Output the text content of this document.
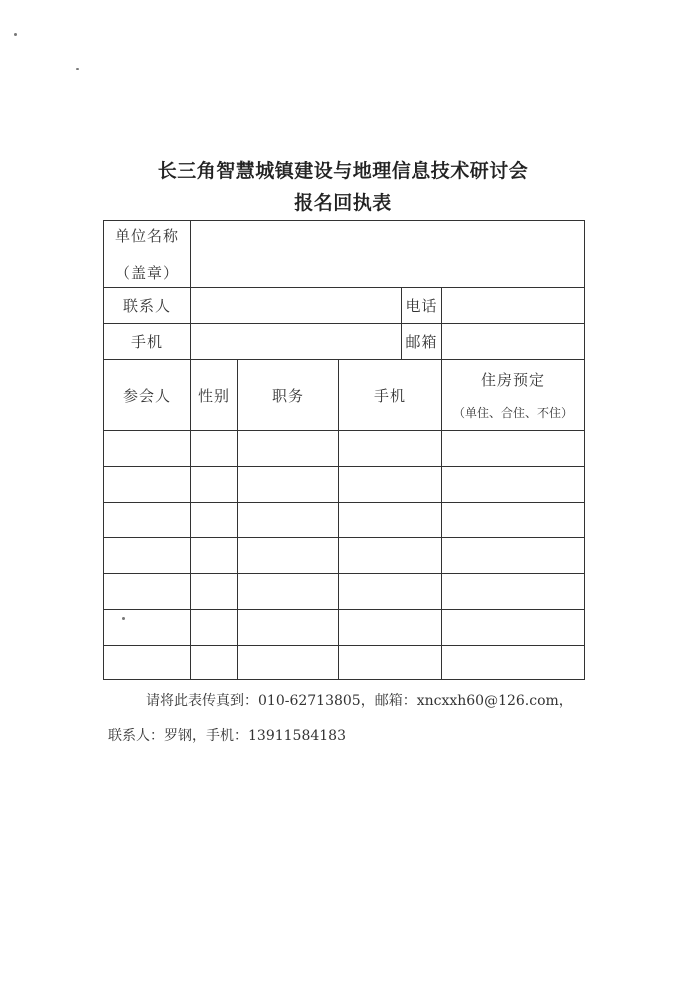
长三角智慧城镇建设与地理信息技术研讨会
报名回执表
单位名称
（盖章）					

联系人				电话	
手机				邮箱	
参会人	性别	职务	手机		住房预定
（单住、合住、不住）

请将此表传真到：010-62713805，邮箱：xncxxh60@126.com，
联系人：罗钢，手机：13911584183
